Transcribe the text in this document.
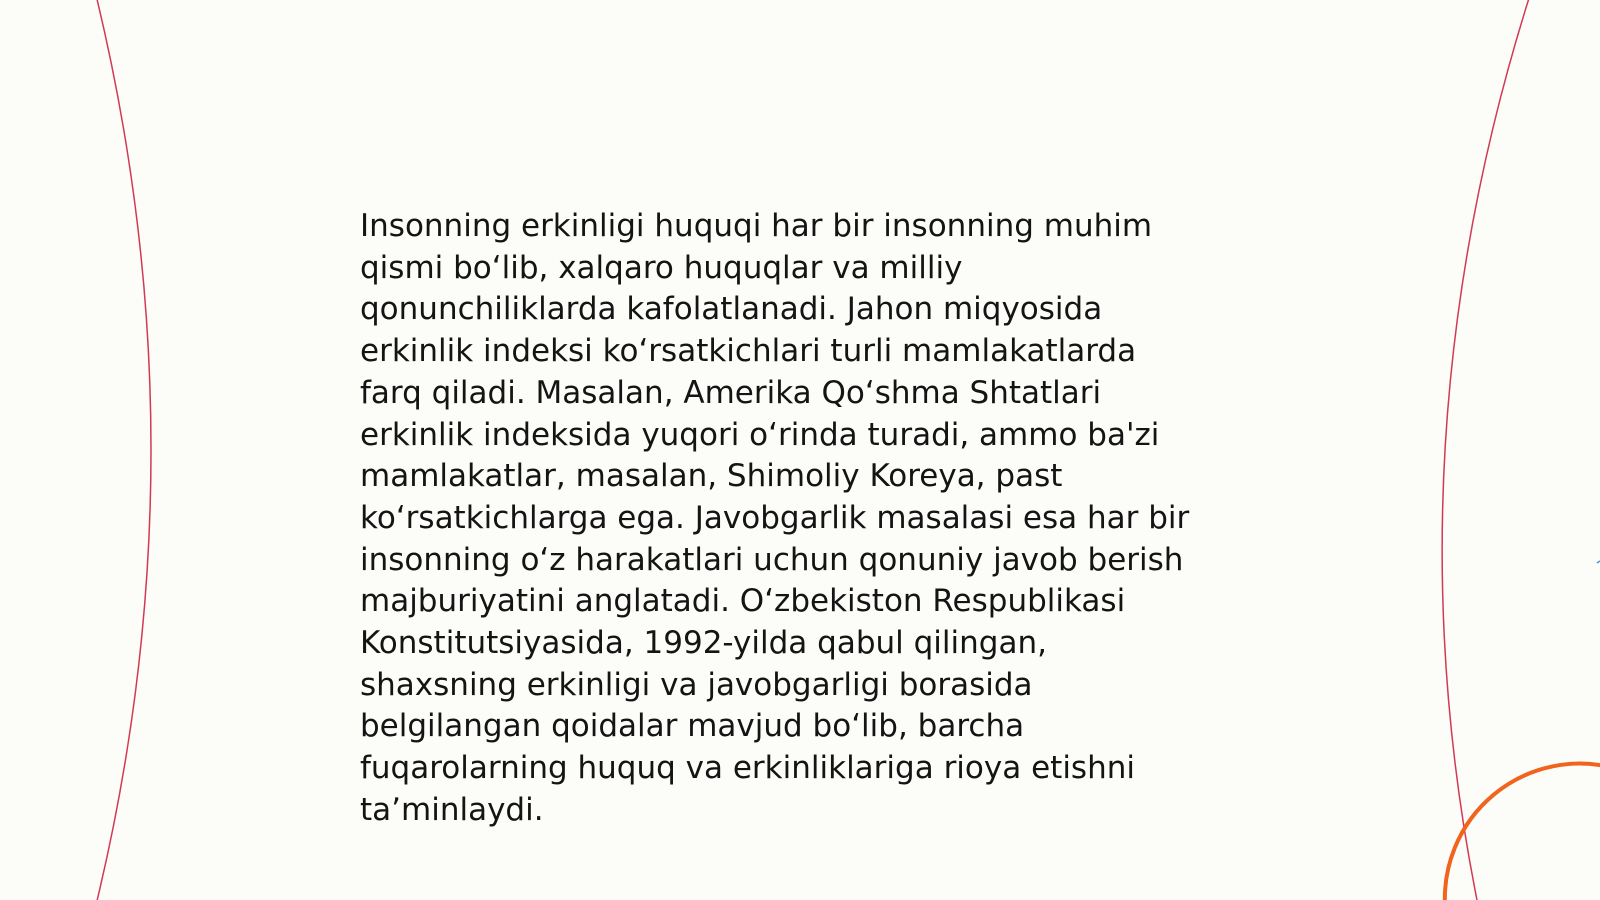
Insonning erkinligi huquqi har bir insonning muhim
qismi bo‘lib, xalqaro huquqlar va milliy
qonunchiliklarda kafolatlanadi. Jahon miqyosida
erkinlik indeksi ko‘rsatkichlari turli mamlakatlarda
farq qiladi. Masalan, Amerika Qo‘shma Shtatlari
erkinlik indeksida yuqori o‘rinda turadi, ammo ba'zi
mamlakatlar, masalan, Shimoliy Koreya, past
ko‘rsatkichlarga ega. Javobgarlik masalasi esa har bir
insonning o‘z harakatlari uchun qonuniy javob berish
majburiyatini anglatadi. O‘zbekiston Respublikasi
Konstitutsiyasida, 1992-yilda qabul qilingan,
shaxsning erkinligi va javobgarligi borasida
belgilangan qoidalar mavjud bo‘lib, barcha
fuqarolarning huquq va erkinliklariga rioya etishni
ta’minlaydi.
